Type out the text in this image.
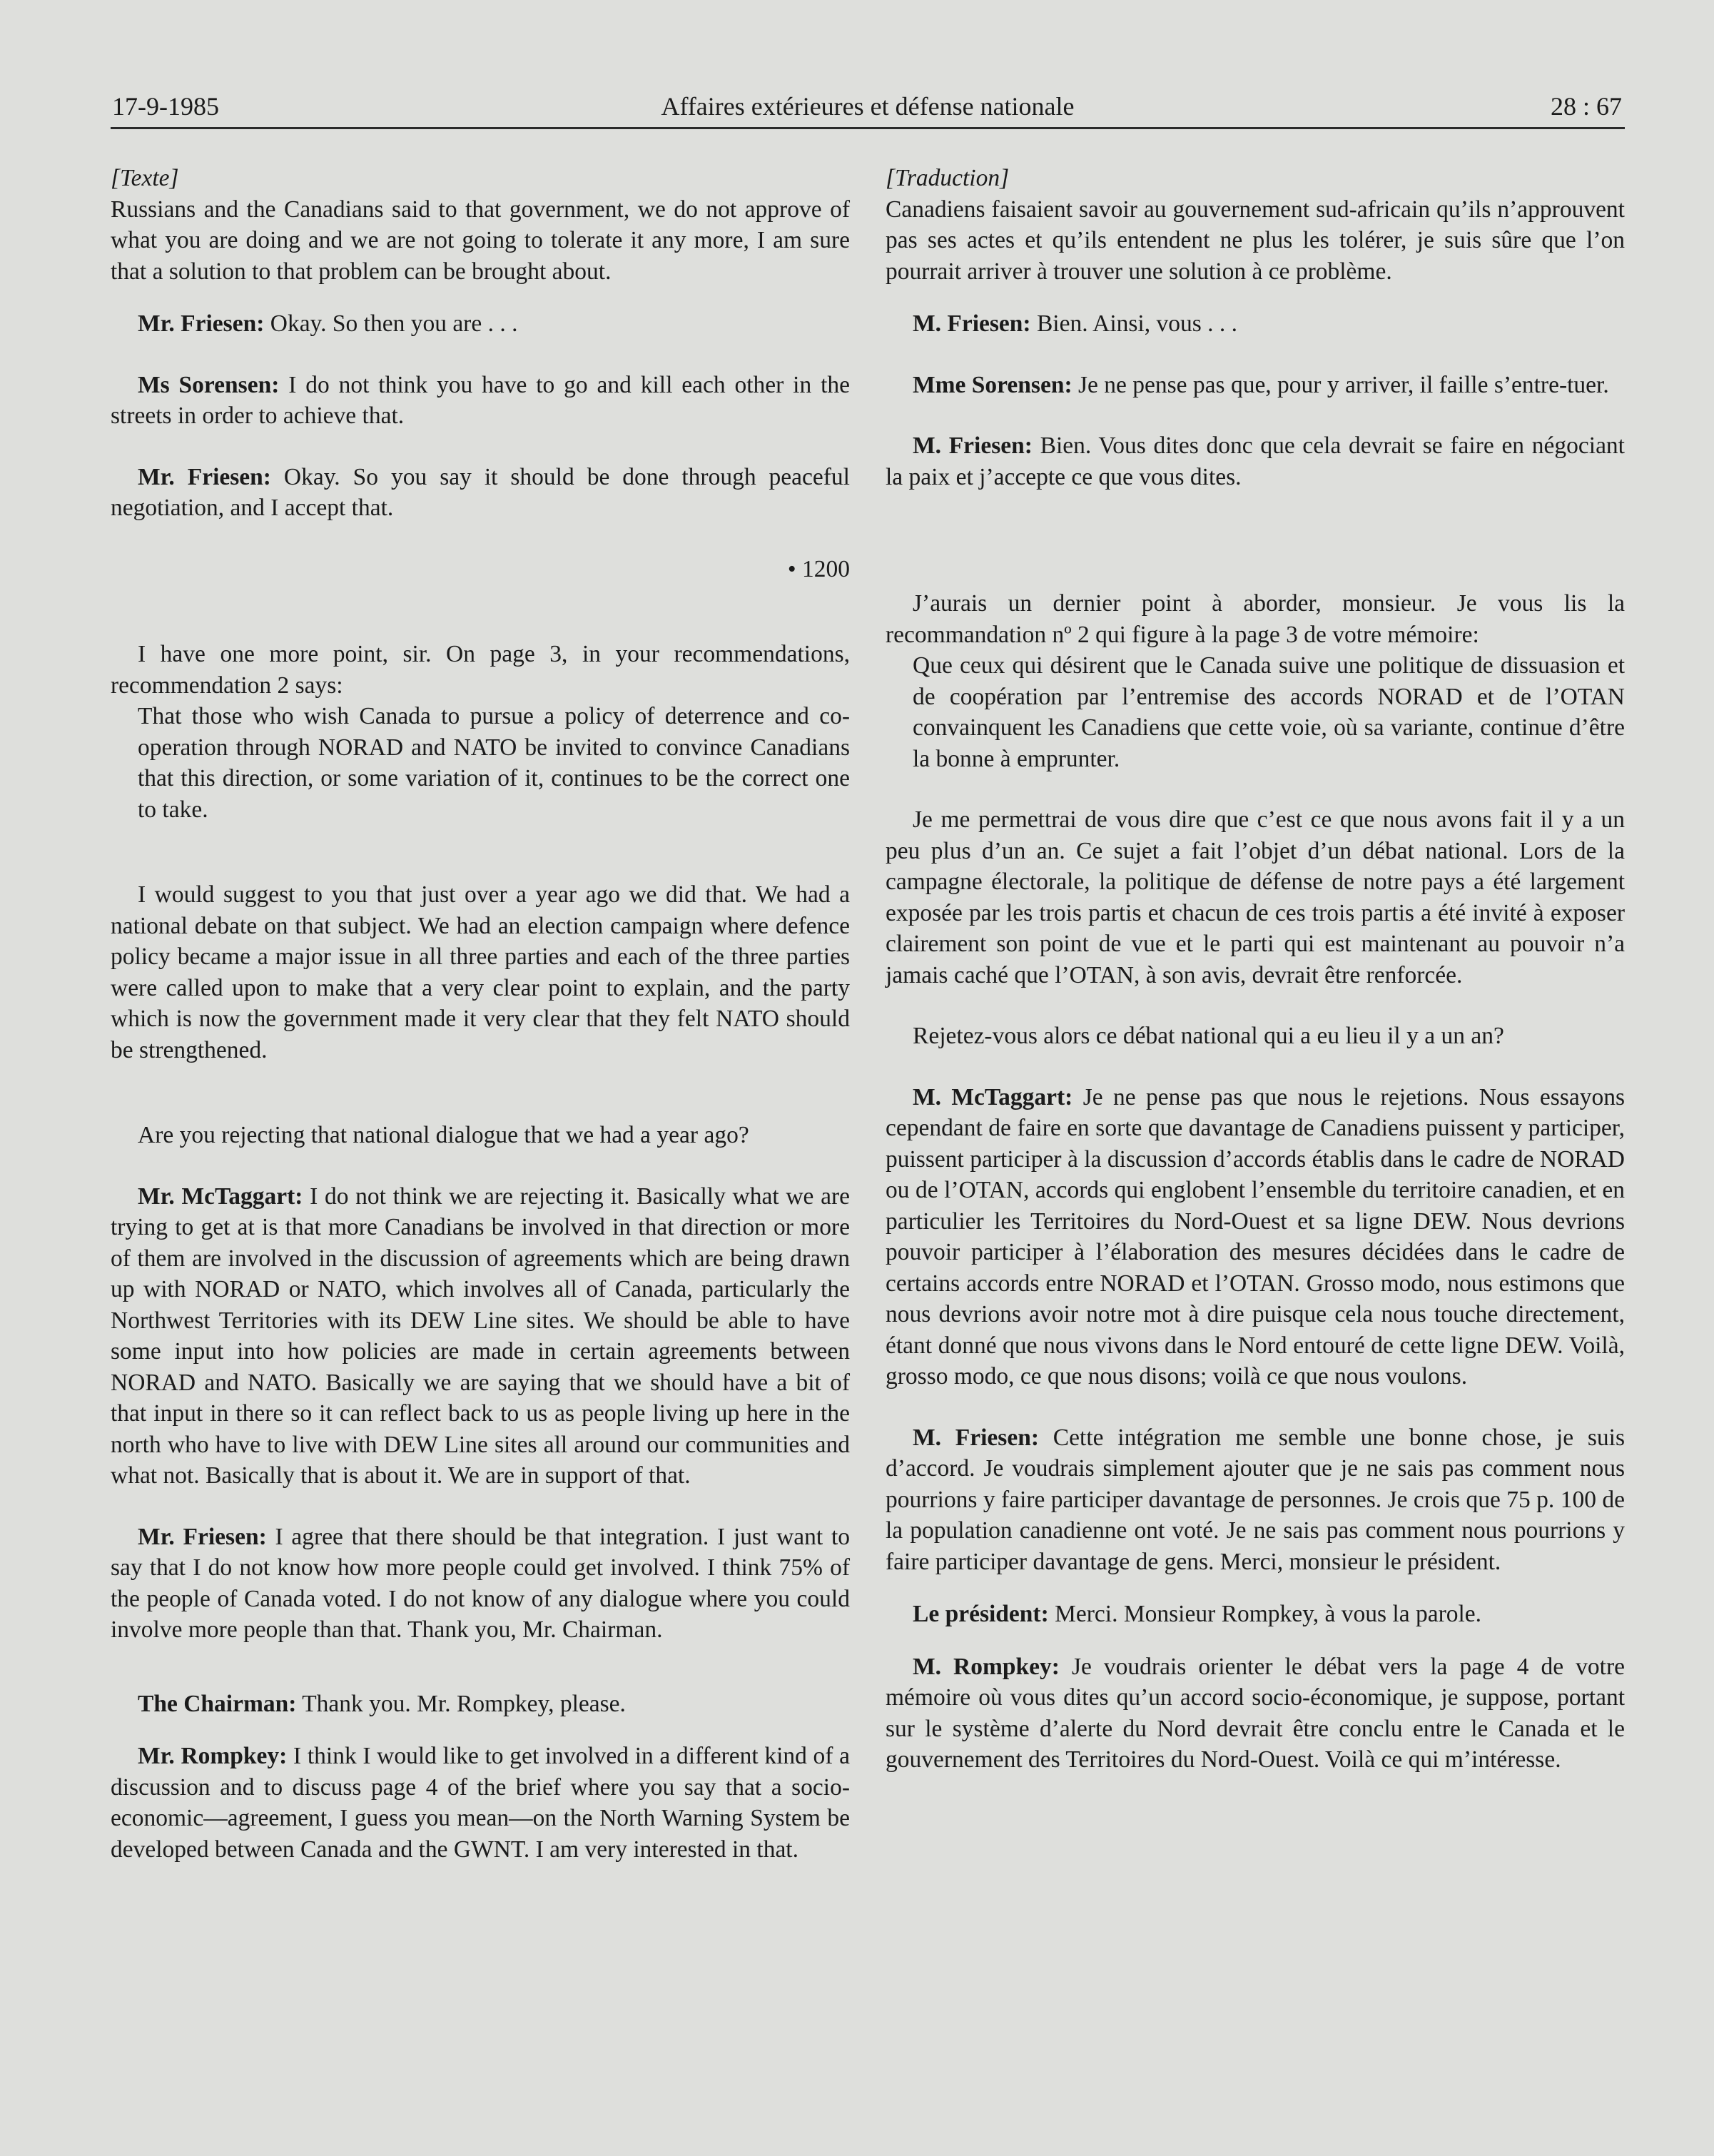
17-9-1985	Affaires extérieures et défense nationale	28 : 67

[Texte]

Russians and the Canadians said to that government, we do not approve of what you are doing and we are not going to tolerate it any more, I am sure that a solution to that problem can be brought about.

Mr. Friesen: Okay. So then you are . . .

Ms Sorensen: I do not think you have to go and kill each other in the streets in order to achieve that.

Mr. Friesen: Okay. So you say it should be done through peaceful negotiation, and I accept that.

• 1200

I have one more point, sir. On page 3, in your recommendations, recommendation 2 says:

That those who wish Canada to pursue a policy of deterrence and co-operation through NORAD and NATO be invited to convince Canadians that this direction, or some variation of it, continues to be the correct one to take.

I would suggest to you that just over a year ago we did that. We had a national debate on that subject. We had an election campaign where defence policy became a major issue in all three parties and each of the three parties were called upon to make that a very clear point to explain, and the party which is now the government made it very clear that they felt NATO should be strengthened.

Are you rejecting that national dialogue that we had a year ago?

Mr. McTaggart: I do not think we are rejecting it. Basically what we are trying to get at is that more Canadians be involved in that direction or more of them are involved in the discussion of agreements which are being drawn up with NORAD or NATO, which involves all of Canada, particularly the Northwest Territories with its DEW Line sites. We should be able to have some input into how policies are made in certain agreements between NORAD and NATO. Basically we are saying that we should have a bit of that input in there so it can reflect back to us as people living up here in the north who have to live with DEW Line sites all around our communities and what not. Basically that is about it. We are in support of that.

Mr. Friesen: I agree that there should be that integration. I just want to say that I do not know how more people could get involved. I think 75% of the people of Canada voted. I do not know of any dialogue where you could involve more people than that. Thank you, Mr. Chairman.

The Chairman: Thank you. Mr. Rompkey, please.

Mr. Rompkey: I think I would like to get involved in a different kind of a discussion and to discuss page 4 of the brief where you say that a socio-economic—agreement, I guess you mean—on the North Warning System be developed between Canada and the GWNT. I am very interested in that.

[Traduction]

Canadiens faisaient savoir au gouvernement sud-africain qu’ils n’approuvent pas ses actes et qu’ils entendent ne plus les tolérer, je suis sûre que l’on pourrait arriver à trouver une solution à ce problème.

M. Friesen: Bien. Ainsi, vous . . .

Mme Sorensen: Je ne pense pas que, pour y arriver, il faille s’entre-tuer.

M. Friesen: Bien. Vous dites donc que cela devrait se faire en négociant la paix et j’accepte ce que vous dites.

J’aurais un dernier point à aborder, monsieur. Je vous lis la recommandation nº 2 qui figure à la page 3 de votre mémoire:

Que ceux qui désirent que le Canada suive une politique de dissuasion et de coopération par l’entremise des accords NORAD et de l’OTAN convainquent les Canadiens que cette voie, où sa variante, continue d’être la bonne à emprunter.

Je me permettrai de vous dire que c’est ce que nous avons fait il y a un peu plus d’un an. Ce sujet a fait l’objet d’un débat national. Lors de la campagne électorale, la politique de défense de notre pays a été largement exposée par les trois partis et chacun de ces trois partis a été invité à exposer clairement son point de vue et le parti qui est maintenant au pouvoir n’a jamais caché que l’OTAN, à son avis, devrait être renforcée.

Rejetez-vous alors ce débat national qui a eu lieu il y a un an?

M. McTaggart: Je ne pense pas que nous le rejetions. Nous essayons cependant de faire en sorte que davantage de Canadiens puissent y participer, puissent participer à la discussion d’accords établis dans le cadre de NORAD ou de l’OTAN, accords qui englobent l’ensemble du territoire canadien, et en particulier les Territoires du Nord-Ouest et sa ligne DEW. Nous devrions pouvoir participer à l’élaboration des mesures décidées dans le cadre de certains accords entre NORAD et l’OTAN. Grosso modo, nous estimons que nous devrions avoir notre mot à dire puisque cela nous touche directement, étant donné que nous vivons dans le Nord entouré de cette ligne DEW. Voilà, grosso modo, ce que nous disons; voilà ce que nous voulons.

M. Friesen: Cette intégration me semble une bonne chose, je suis d’accord. Je voudrais simplement ajouter que je ne sais pas comment nous pourrions y faire participer davantage de personnes. Je crois que 75 p. 100 de la population canadienne ont voté. Je ne sais pas comment nous pourrions y faire participer davantage de gens. Merci, monsieur le président.

Le président: Merci. Monsieur Rompkey, à vous la parole.

M. Rompkey: Je voudrais orienter le débat vers la page 4 de votre mémoire où vous dites qu’un accord socio-économique, je suppose, portant sur le système d’alerte du Nord devrait être conclu entre le Canada et le gouvernement des Territoires du Nord-Ouest. Voilà ce qui m’intéresse.
